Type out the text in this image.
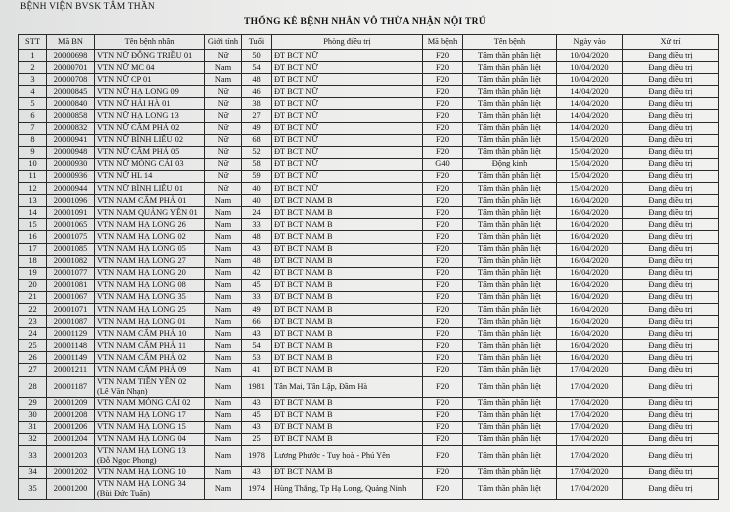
BỆNH VIỆN BVSK TÂM THẦN
THỐNG KÊ BỆNH NHÂN VÔ THỪA NHẬN NỘI TRÚ
STT	Mã BN	Tên bệnh nhân	Giới tính	Tuổi	Phòng điều trị	Mã bệnh	Tên bệnh	Ngày vào	Xử trí
1	20000698	VTN NỮ ĐÔNG TRIỀU 01	Nữ	50	ĐT BCT NỮ	F20	Tâm thần phân liệt	10/04/2020	Đang điều trị
2	20000701	VTN NỮ MC 04	Nam	54	ĐT BCT NỮ	F20	Tâm thần phân liệt	10/04/2020	Đang điều trị
3	20000708	VTN NỮ CP 01	Nam	48	ĐT BCT NỮ	F20	Tâm thần phân liệt	10/04/2020	Đang điều trị
4	20000845	VTN NỮ HẠ LONG 09	Nữ	46	ĐT BCT NỮ	F20	Tâm thần phân liệt	14/04/2020	Đang điều trị
5	20000840	VTN NỮ HẢI HÀ 01	Nữ	38	ĐT BCT NỮ	F20	Tâm thần phân liệt	14/04/2020	Đang điều trị
6	20000858	VTN NỮ HẠ LONG 13	Nữ	27	ĐT BCT NỮ	F20	Tâm thần phân liệt	14/04/2020	Đang điều trị
7	20000832	VTN NỮ CẨM PHẢ 02	Nữ	49	ĐT BCT NỮ	F20	Tâm thần phân liệt	14/04/2020	Đang điều trị
8	20000941	VTN NỮ BÌNH LIÊU 02	Nữ	68	ĐT BCT NỮ	F20	Tâm thần phân liệt	15/04/2020	Đang điều trị
9	20000948	VTN NỮ CẨM PHẢ 05	Nữ	52	ĐT BCT NỮ	F20	Tâm thần phân liệt	15/04/2020	Đang điều trị
10	20000930	VTN NỮ MÓNG CÁI 03	Nữ	58	ĐT BCT NỮ	G40	Động kinh	15/04/2020	Đang điều trị
11	20000936	VTN NỮ HL 14	Nữ	59	ĐT BCT NỮ	F20	Tâm thần phân liệt	15/04/2020	Đang điều trị
12	20000944	VTN NỮ BÌNH LIÊU 01	Nữ	40	ĐT BCT NỮ	F20	Tâm thần phân liệt	15/04/2020	Đang điều trị
13	20001096	VTN NAM CẨM PHẢ 01	Nam	40	ĐT BCT NAM B	F20	Tâm thần phân liệt	16/04/2020	Đang điều trị
14	20001091	VTN NAM QUẢNG YÊN 01	Nam	24	ĐT BCT NAM B	F20	Tâm thần phân liệt	16/04/2020	Đang điều trị
15	20001065	VTN NAM HẠ LONG 26	Nam	33	ĐT BCT NAM B	F20	Tâm thần phân liệt	16/04/2020	Đang điều trị
16	20001075	VTN NAM HẠ LONG 02	Nam	48	ĐT BCT NAM B	F20	Tâm thần phân liệt	16/04/2020	Đang điều trị
17	20001085	VTN NAM HẠ LONG 05	Nam	43	ĐT BCT NAM B	F20	Tâm thần phân liệt	16/04/2020	Đang điều trị
18	20001082	VTN NAM HẠ LONG 27	Nam	48	ĐT BCT NAM B	F20	Tâm thần phân liệt	16/04/2020	Đang điều trị
19	20001077	VTN NAM HẠ LONG 20	Nam	42	ĐT BCT NAM B	F20	Tâm thần phân liệt	16/04/2020	Đang điều trị
20	20001081	VTN NAM HẠ LONG 08	Nam	45	ĐT BCT NAM B	F20	Tâm thần phân liệt	16/04/2020	Đang điều trị
21	20001067	VTN NAM HẠ LONG 35	Nam	33	ĐT BCT NAM B	F20	Tâm thần phân liệt	16/04/2020	Đang điều trị
22	20001071	VTN NAM HẠ LONG 25	Nam	49	ĐT BCT NAM B	F20	Tâm thần phân liệt	16/04/2020	Đang điều trị
23	20001087	VTN NAM HẠ LONG 01	Nam	66	ĐT BCT NAM B	F20	Tâm thần phân liệt	16/04/2020	Đang điều trị
24	20001129	VTN NAM CẨM PHẢ 10	Nam	43	ĐT BCT NAM B	F20	Tâm thần phân liệt	16/04/2020	Đang điều trị
25	20001148	VTN NAM CẨM PHẢ 11	Nam	54	ĐT BCT NAM B	F20	Tâm thần phân liệt	16/04/2020	Đang điều trị
26	20001149	VTN NAM CẨM PHẢ 02	Nam	53	ĐT BCT NAM B	F20	Tâm thần phân liệt	16/04/2020	Đang điều trị
27	20001211	VTN NAM CẨM PHẢ 09	Nam	41	ĐT BCT NAM B	F20	Tâm thần phân liệt	17/04/2020	Đang điều trị
28	20001187	VTN NAM TIÊN YÊN 02
(Lê Văn Nhạn)	Nam	1981	Tân Mai, Tân Lập, Đầm Hà	F20	Tâm thần phân liệt	17/04/2020	Đang điều trị
29	20001209	VTN NAM MÓNG CÁI 02	Nam	43	ĐT BCT NAM B	F20	Tâm thần phân liệt	17/04/2020	Đang điều trị
30	20001208	VTN NAM HẠ LONG 17	Nam	45	ĐT BCT NAM B	F20	Tâm thần phân liệt	17/04/2020	Đang điều trị
31	20001206	VTN NAM HẠ LONG 15	Nam	43	ĐT BCT NAM B	F20	Tâm thần phân liệt	17/04/2020	Đang điều trị
32	20001204	VTN NAM HẠ LONG 04	Nam	25	ĐT BCT NAM B	F20	Tâm thần phân liệt	17/04/2020	Đang điều trị
33	20001203	VTN NAM HẠ LONG 13
(Đỗ Ngọc Phong)	Nam	1978	Lương Phước - Tuy hoà - Phú Yên	F20	Tâm thần phân liệt	17/04/2020	Đang điều trị
34	20001202	VTN NAM HẠ LONG 10	Nam	43	ĐT BCT NAM B	F20	Tâm thần phân liệt	17/04/2020	Đang điều trị
35	20001200	VTN NAM HẠ LONG 34
(Bùi Đức Tuấn)	Nam	1974	Hùng Thắng, Tp Hạ Long, Quảng Ninh	F20	Tâm thần phân liệt	17/04/2020	Đang điều trị
